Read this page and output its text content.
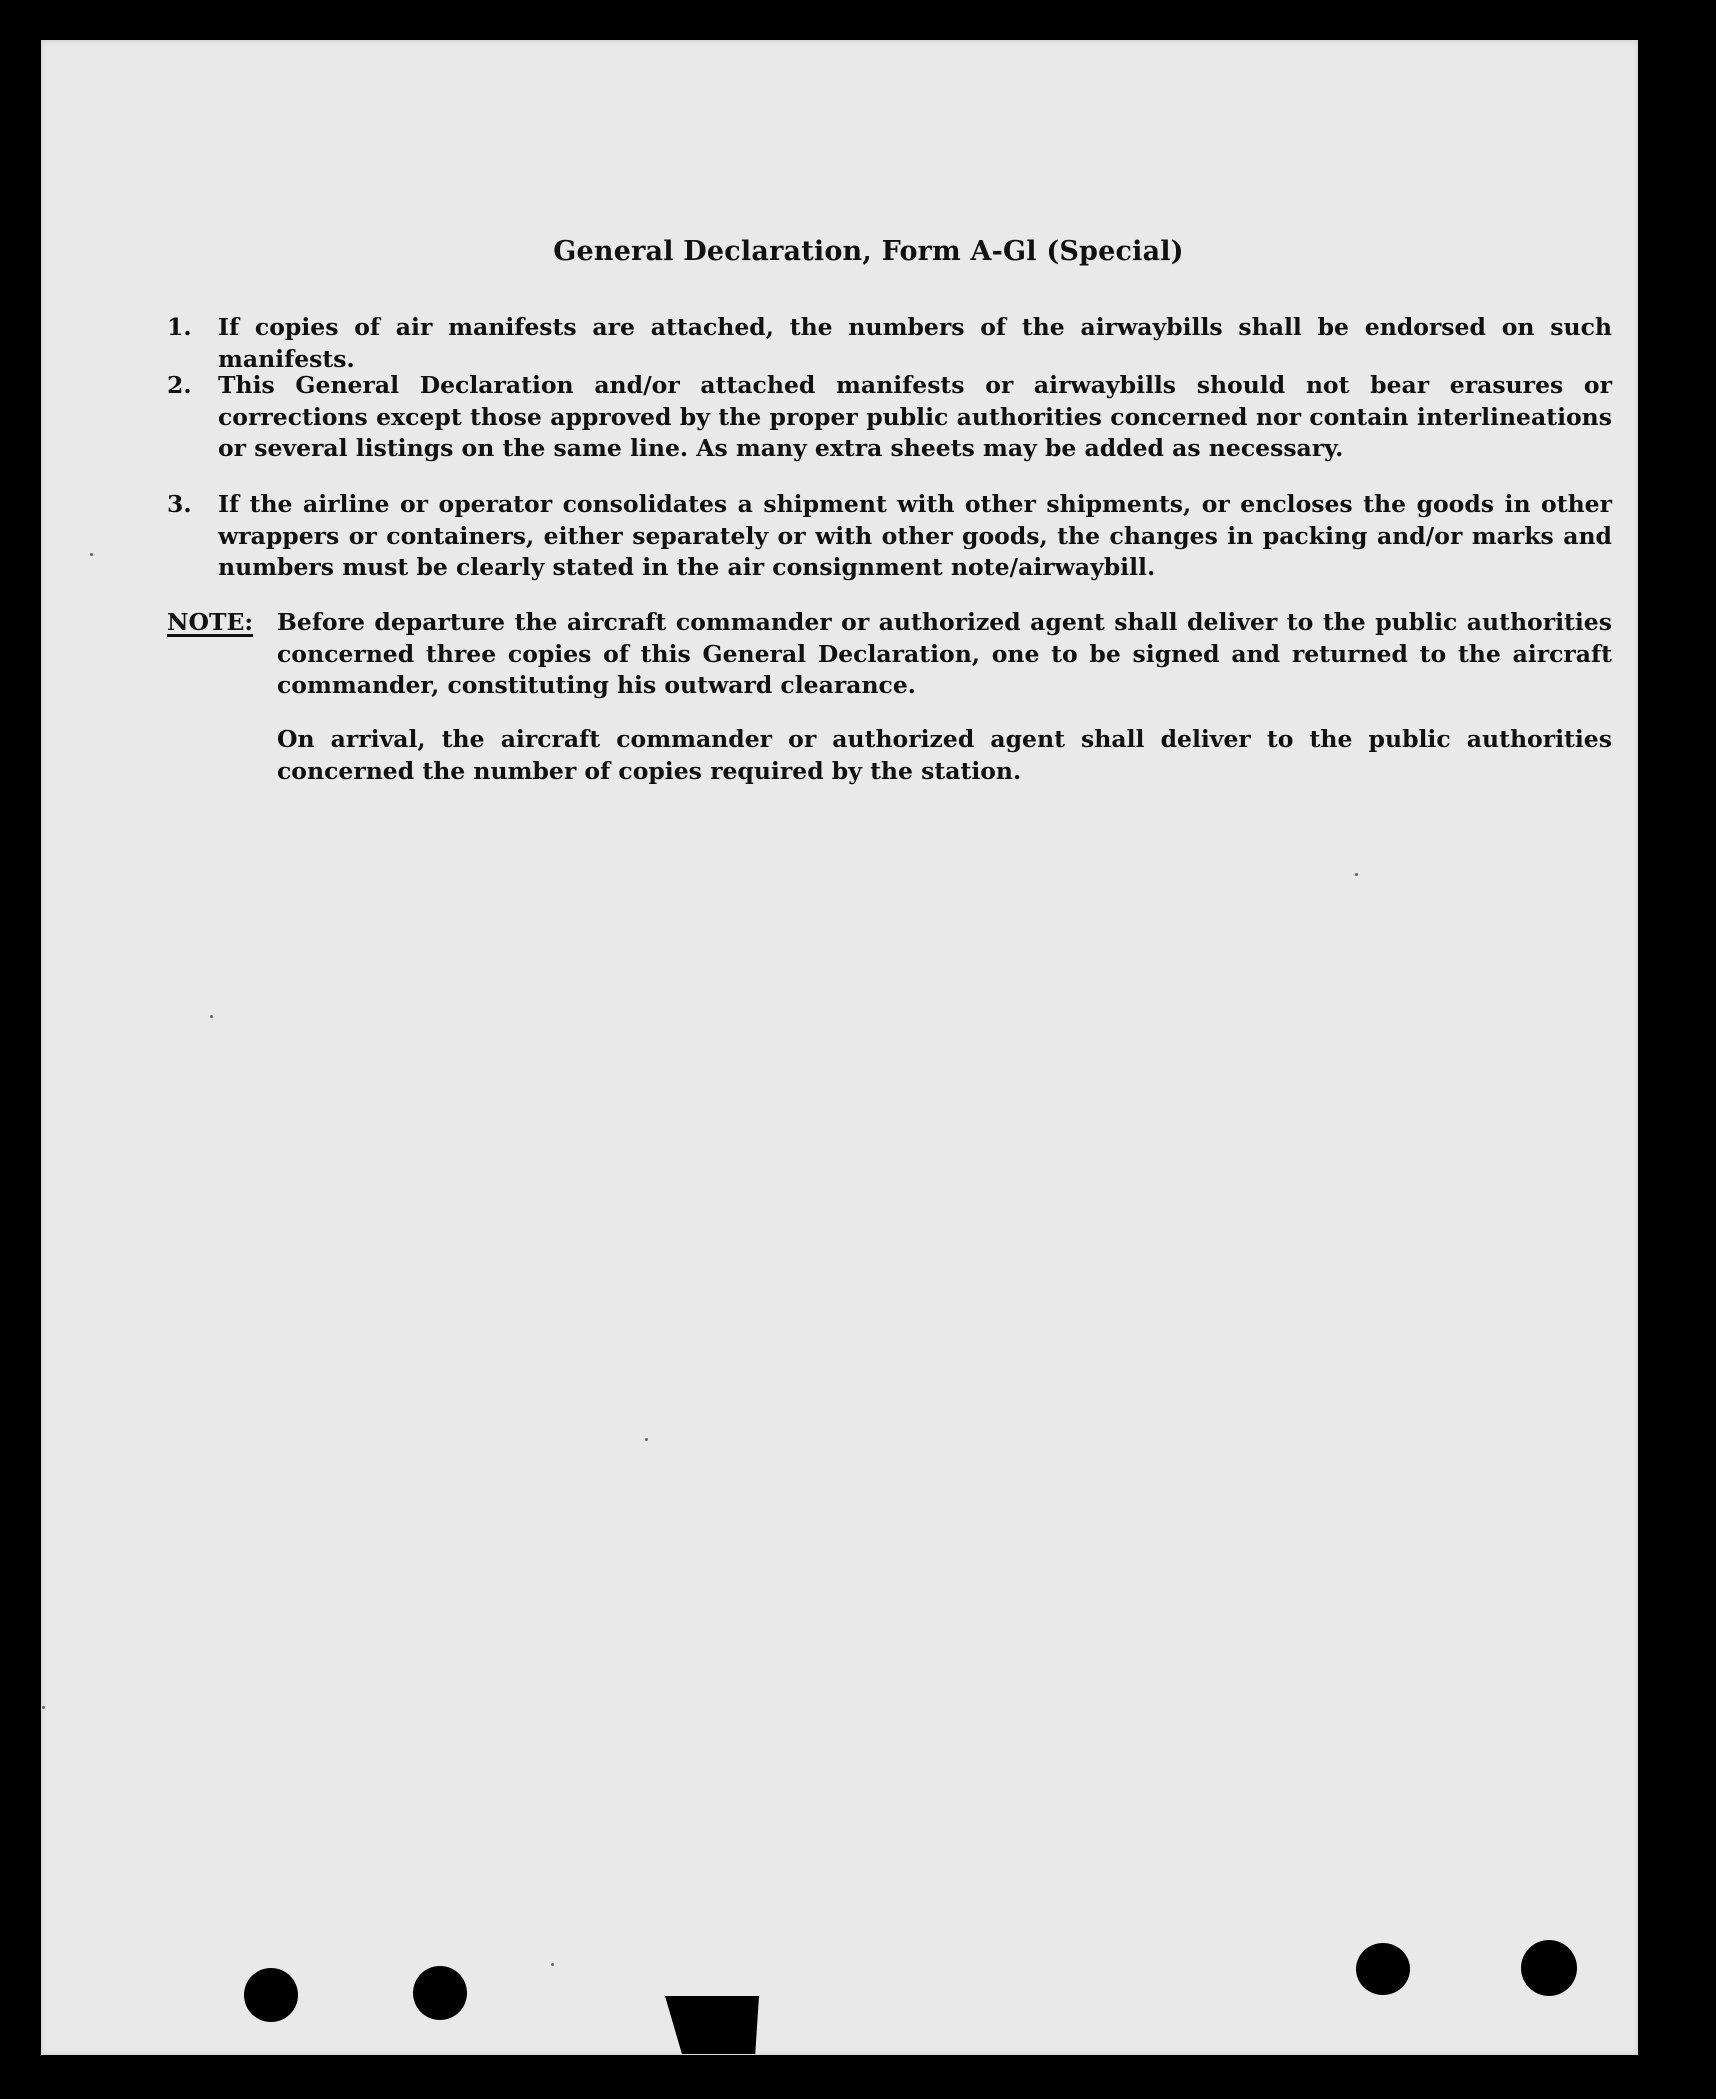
General Declaration, Form A-Gl (Special)
1.	If copies of air manifests are attached, the numbers of the airwaybills shall be endorsed on such manifests.
2.	This General Declaration and/or attached manifests or airwaybills should not bear erasures or corrections except those approved by the proper public authorities concerned nor contain interlineations or several listings on the same line. As many extra sheets may be added as necessary.
3.	If the airline or operator consolidates a shipment with other shipments, or encloses the goods in other wrappers or containers, either separately or with other goods, the changes in packing and/or marks and numbers must be clearly stated in the air consignment note/airwaybill.
NOTE: Before departure the aircraft commander or authorized agent shall deliver to the public authorities concerned three copies of this General Declaration, one to be signed and returned to the aircraft commander, constituting his outward clearance.
On arrival, the aircraft commander or authorized agent shall deliver to the public authorities concerned the number of copies required by the station.
